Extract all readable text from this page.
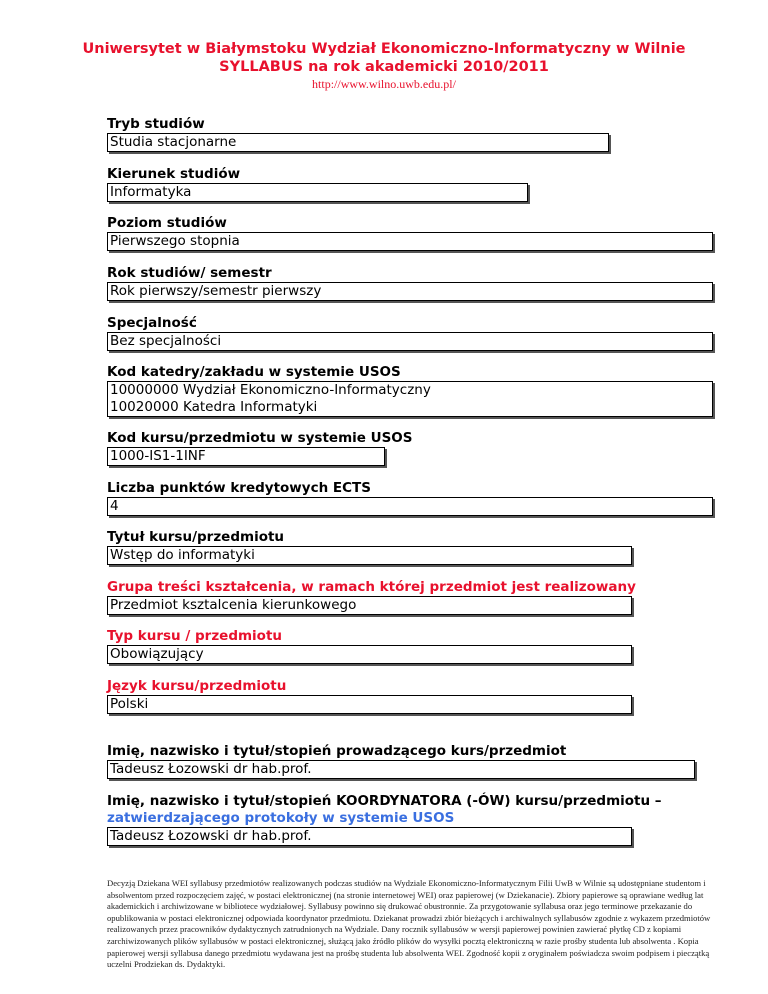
Uniwersytet w Białymstoku Wydział Ekonomiczno-Informatyczny w Wilnie
SYLLABUS na rok akademicki 2010/2011
http://www.wilno.uwb.edu.pl/
Tryb studiów
Studia stacjonarne
Kierunek studiów
Informatyka
Poziom studiów
Pierwszego stopnia
Rok studiów/ semestr
Rok pierwszy/semestr pierwszy
Specjalność
Bez specjalności
Kod katedry/zakładu w systemie USOS
10000000 Wydział Ekonomiczno-Informatyczny
10020000 Katedra Informatyki
Kod kursu/przedmiotu w systemie USOS
1000-IS1-1INF
Liczba punktów kredytowych ECTS
4
Tytuł kursu/przedmiotu
Wstęp do informatyki
Grupa treści kształcenia, w ramach której przedmiot jest realizowany
Przedmiot ksztalcenia kierunkowego
Typ kursu / przedmiotu
Obowiązujący
Język kursu/przedmiotu
Polski
Imię, nazwisko i tytuł/stopień prowadzącego kurs/przedmiot
Tadeusz Łozowski dr hab.prof.
Imię, nazwisko i tytuł/stopień KOORDYNATORA (-ÓW) kursu/przedmiotu –
zatwierdzającego protokoły w systemie USOS
Tadeusz Łozowski dr hab.prof.
Decyzją Dziekana WEI syllabusy przedmiotów realizowanych podczas studiów na Wydziale Ekonomiczno-Informatycznym Filii UwB w Wilnie są udostępniane studentom i absolwentom przed rozpoczęciem zajęć, w postaci elektronicznej (na stronie internetowej WEI) oraz papierowej (w Dziekanacie). Zbiory papierowe są oprawiane według lat akademickich i archiwizowane w bibliotece wydziałowej. Syllabusy powinno się drukować obustronnie. Za przygotowanie syllabusa oraz jego terminowe przekazanie do opublikowania w postaci elektronicznej odpowiada koordynator przedmiotu. Dziekanat prowadzi zbiór bieżących i archiwalnych syllabusów zgodnie z wykazem przedmiotów realizowanych przez pracowników dydaktycznych zatrudnionych na Wydziale. Dany rocznik syllabusów w wersji papierowej powinien zawierać płytkę CD z kopiami zarchiwizowanych plików syllabusów w postaci elektronicznej, służącą jako źródło plików do wysyłki pocztą elektroniczną w razie prośby studenta lub absolwenta . Kopia papierowej wersji syllabusa danego przedmiotu wydawana jest na prośbę studenta lub absolwenta WEI. Zgodność kopii z oryginałem poświadcza swoim podpisem i pieczątką uczelni Prodziekan ds. Dydaktyki.
